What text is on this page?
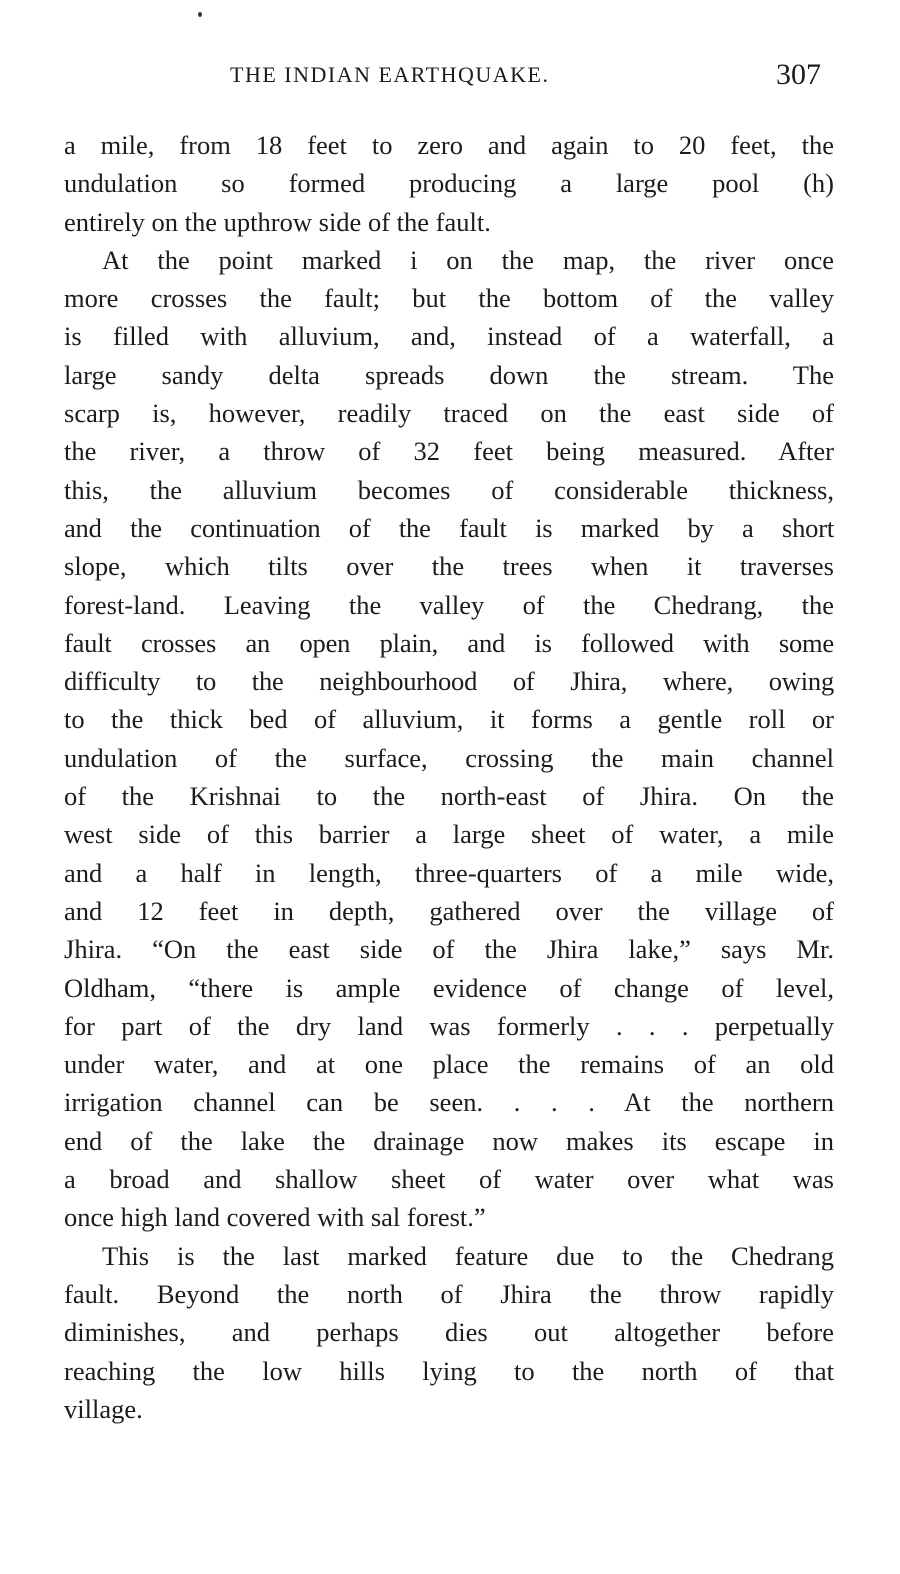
THE INDIAN EARTHQUAKE.	307
a mile, from 18 feet to zero and again to 20 feet, the
undulation so formed producing a large pool (h)
entirely on the upthrow side of the fault.
At the point marked i on the map, the river once
more crosses the fault; but the bottom of the valley
is filled with alluvium, and, instead of a waterfall, a
large sandy delta spreads down the stream. The
scarp is, however, readily traced on the east side of
the river, a throw of 32 feet being measured. After
this, the alluvium becomes of considerable thickness,
and the continuation of the fault is marked by a short
slope, which tilts over the trees when it traverses
forest-land. Leaving the valley of the Chedrang, the
fault crosses an open plain, and is followed with some
difficulty to the neighbourhood of Jhira, where, owing
to the thick bed of alluvium, it forms a gentle roll or
undulation of the surface, crossing the main channel
of the Krishnai to the north-east of Jhira. On the
west side of this barrier a large sheet of water, a mile
and a half in length, three-quarters of a mile wide,
and 12 feet in depth, gathered over the village of
Jhira. “On the east side of the Jhira lake,” says Mr.
Oldham, “there is ample evidence of change of level,
for part of the dry land was formerly . . . perpetually
under water, and at one place the remains of an old
irrigation channel can be seen. . . . At the northern
end of the lake the drainage now makes its escape in
a broad and shallow sheet of water over what was
once high land covered with sal forest.”
This is the last marked feature due to the Chedrang
fault. Beyond the north of Jhira the throw rapidly
diminishes, and perhaps dies out altogether before
reaching the low hills lying to the north of that
village.
